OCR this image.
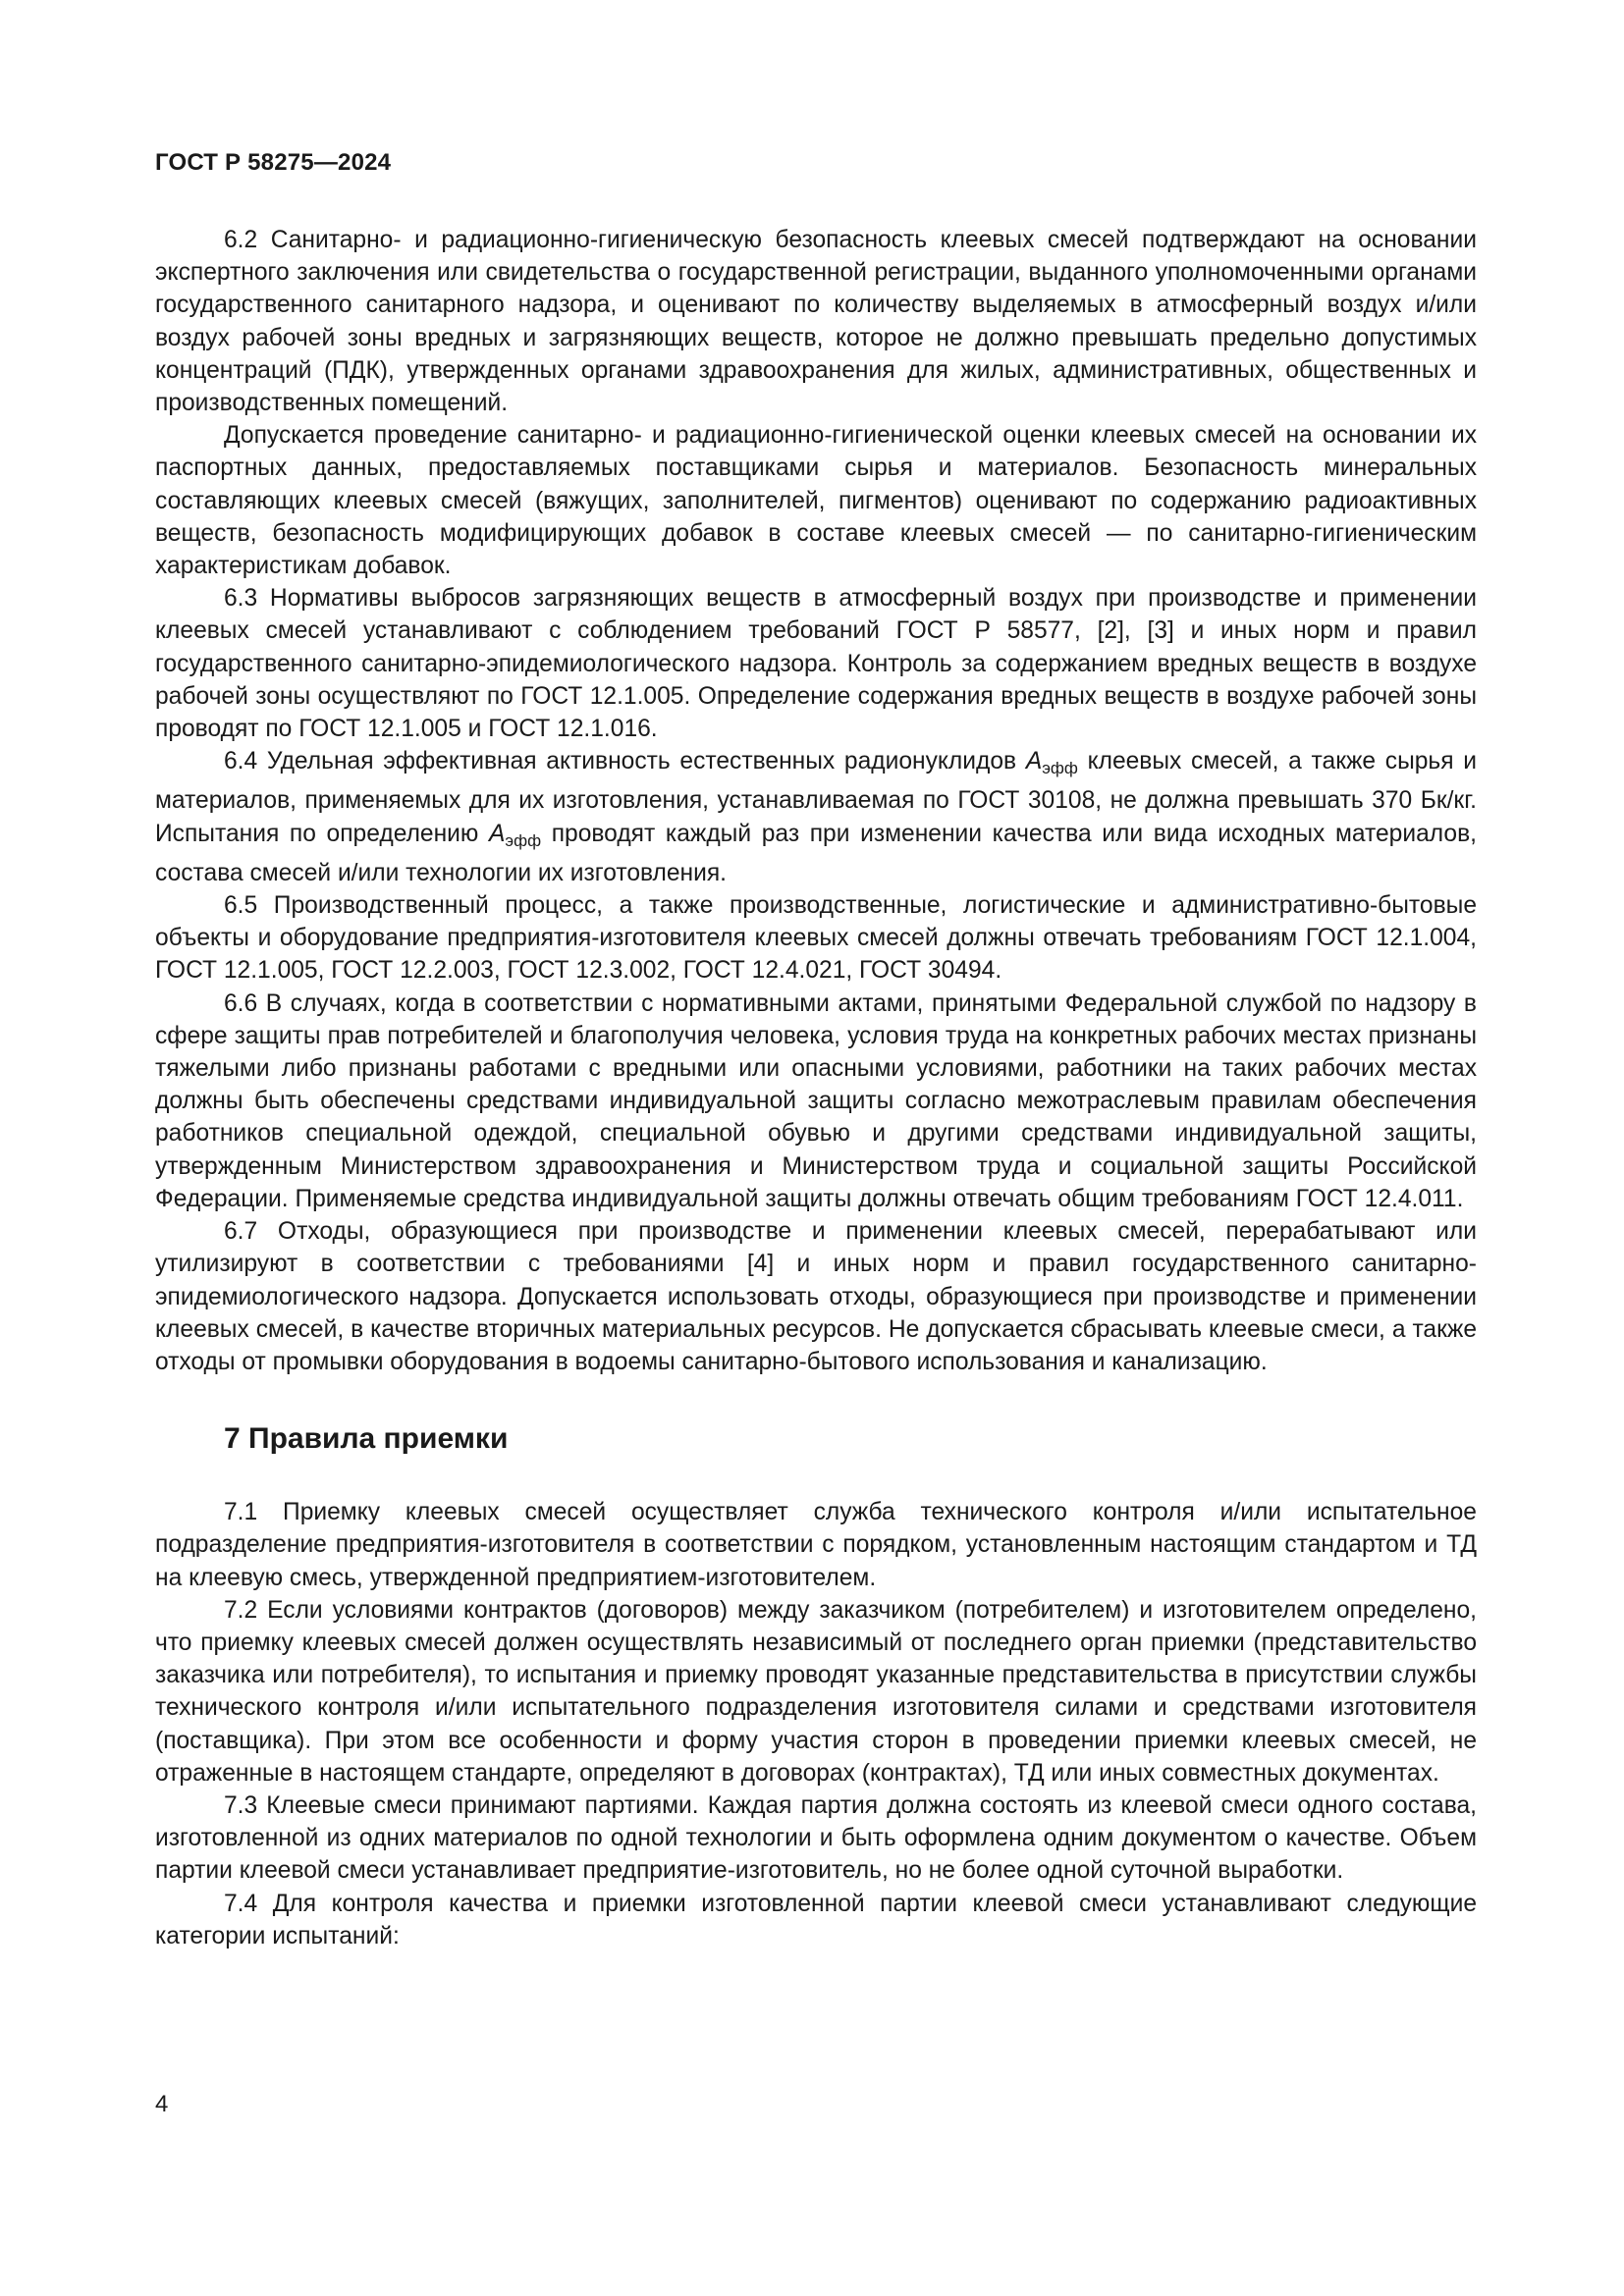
ГОСТ Р 58275—2024

6.2 Санитарно- и радиационно-гигиеническую безопасность клеевых смесей подтверждают на основании экспертного заключения или свидетельства о государственной регистрации, выданного уполномоченными органами государственного санитарного надзора, и оценивают по количеству выделяемых в атмосферный воздух и/или воздух рабочей зоны вредных и загрязняющих веществ, которое не должно превышать предельно допустимых концентраций (ПДК), утвержденных органами здравоохранения для жилых, административных, общественных и производственных помещений.

Допускается проведение санитарно- и радиационно-гигиенической оценки клеевых смесей на основании их паспортных данных, предоставляемых поставщиками сырья и материалов. Безопасность минеральных составляющих клеевых смесей (вяжущих, заполнителей, пигментов) оценивают по содержанию радиоактивных веществ, безопасность модифицирующих добавок в составе клеевых смесей — по санитарно-гигиеническим характеристикам добавок.

6.3 Нормативы выбросов загрязняющих веществ в атмосферный воздух при производстве и применении клеевых смесей устанавливают с соблюдением требований ГОСТ Р 58577, [2], [3] и иных норм и правил государственного санитарно-эпидемиологического надзора. Контроль за содержанием вредных веществ в воздухе рабочей зоны осуществляют по ГОСТ 12.1.005. Определение содержания вредных веществ в воздухе рабочей зоны проводят по ГОСТ 12.1.005 и ГОСТ 12.1.016.

6.4 Удельная эффективная активность естественных радионуклидов $A_{эфф}$ клеевых смесей, а также сырья и материалов, применяемых для их изготовления, устанавливаемая по ГОСТ 30108, не должна превышать 370 Бк/кг. Испытания по определению $A_{эфф}$ проводят каждый раз при изменении качества или вида исходных материалов, состава смесей и/или технологии их изготовления.

6.5 Производственный процесс, а также производственные, логистические и административно-бытовые объекты и оборудование предприятия-изготовителя клеевых смесей должны отвечать требованиям ГОСТ 12.1.004, ГОСТ 12.1.005, ГОСТ 12.2.003, ГОСТ 12.3.002, ГОСТ 12.4.021, ГОСТ 30494.

6.6 В случаях, когда в соответствии с нормативными актами, принятыми Федеральной службой по надзору в сфере защиты прав потребителей и благополучия человека, условия труда на конкретных рабочих местах признаны тяжелыми либо признаны работами с вредными или опасными условиями, работники на таких рабочих местах должны быть обеспечены средствами индивидуальной защиты согласно межотраслевым правилам обеспечения работников специальной одеждой, специальной обувью и другими средствами индивидуальной защиты, утвержденным Министерством здравоохранения и Министерством труда и социальной защиты Российской Федерации. Применяемые средства индивидуальной защиты должны отвечать общим требованиям ГОСТ 12.4.011.

6.7 Отходы, образующиеся при производстве и применении клеевых смесей, перерабатывают или утилизируют в соответствии с требованиями [4] и иных норм и правил государственного санитарно-эпидемиологического надзора. Допускается использовать отходы, образующиеся при производстве и применении клеевых смесей, в качестве вторичных материальных ресурсов. Не допускается сбрасывать клеевые смеси, а также отходы от промывки оборудования в водоемы санитарно-бытового использования и канализацию.

7 Правила приемки

7.1 Приемку клеевых смесей осуществляет служба технического контроля и/или испытательное подразделение предприятия-изготовителя в соответствии с порядком, установленным настоящим стандартом и ТД на клеевую смесь, утвержденной предприятием-изготовителем.

7.2 Если условиями контрактов (договоров) между заказчиком (потребителем) и изготовителем определено, что приемку клеевых смесей должен осуществлять независимый от последнего орган приемки (представительство заказчика или потребителя), то испытания и приемку проводят указанные представительства в присутствии службы технического контроля и/или испытательного подразделения изготовителя силами и средствами изготовителя (поставщика). При этом все особенности и форму участия сторон в проведении приемки клеевых смесей, не отраженные в настоящем стандарте, определяют в договорах (контрактах), ТД или иных совместных документах.

7.3 Клеевые смеси принимают партиями. Каждая партия должна состоять из клеевой смеси одного состава, изготовленной из одних материалов по одной технологии и быть оформлена одним документом о качестве. Объем партии клеевой смеси устанавливает предприятие-изготовитель, но не более одной суточной выработки.

7.4 Для контроля качества и приемки изготовленной партии клеевой смеси устанавливают следующие категории испытаний:

4
